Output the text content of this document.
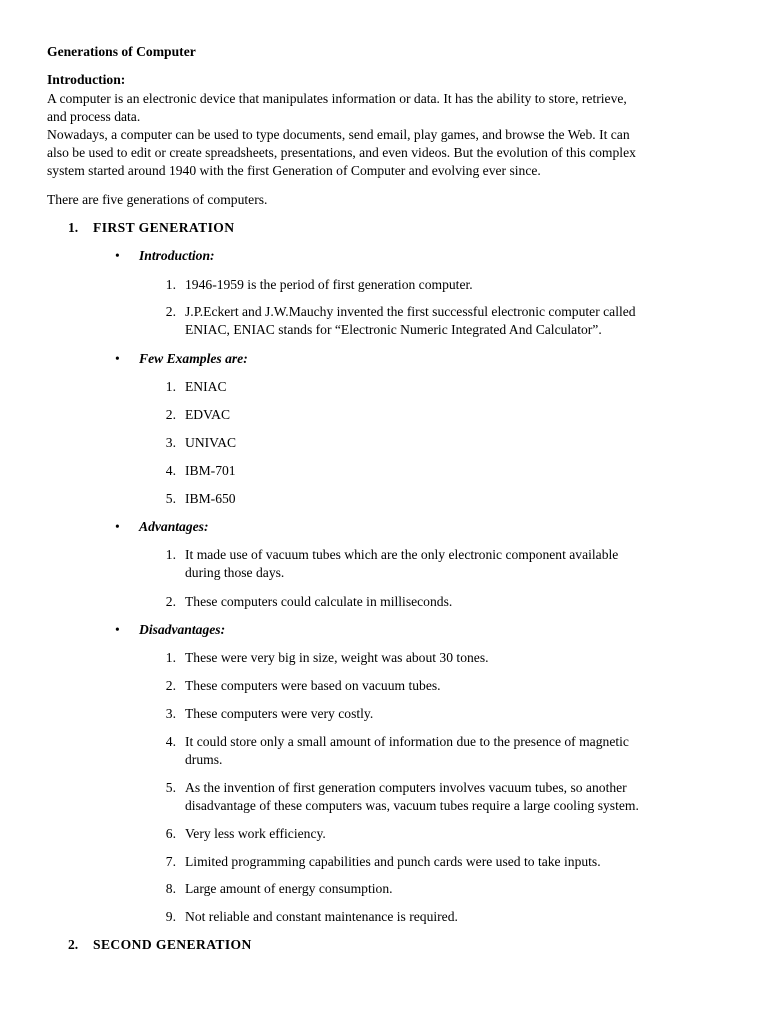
Generations of Computer
Introduction:
A computer is an electronic device that manipulates information or data. It has the ability to store, retrieve,
and process data.
Nowadays, a computer can be used to type documents, send email, play games, and browse the Web. It can
also be used to edit or create spreadsheets, presentations, and even videos. But the evolution of this complex
system started around 1940 with the first Generation of Computer and evolving ever since.
There are five generations of computers.
1. FIRST GENERATION
• Introduction:
1. 1946-1959 is the period of first generation computer.
2. J.P.Eckert and J.W.Mauchy invented the first successful electronic computer called
ENIAC, ENIAC stands for “Electronic Numeric Integrated And Calculator”.
• Few Examples are:
1. ENIAC
2. EDVAC
3. UNIVAC
4. IBM-701
5. IBM-650
• Advantages:
1. It made use of vacuum tubes which are the only electronic component available
during those days.
2. These computers could calculate in milliseconds.
• Disadvantages:
1. These were very big in size, weight was about 30 tones.
2. These computers were based on vacuum tubes.
3. These computers were very costly.
4. It could store only a small amount of information due to the presence of magnetic
drums.
5. As the invention of first generation computers involves vacuum tubes, so another
disadvantage of these computers was, vacuum tubes require a large cooling system.
6. Very less work efficiency.
7. Limited programming capabilities and punch cards were used to take inputs.
8. Large amount of energy consumption.
9. Not reliable and constant maintenance is required.
2. SECOND GENERATION
